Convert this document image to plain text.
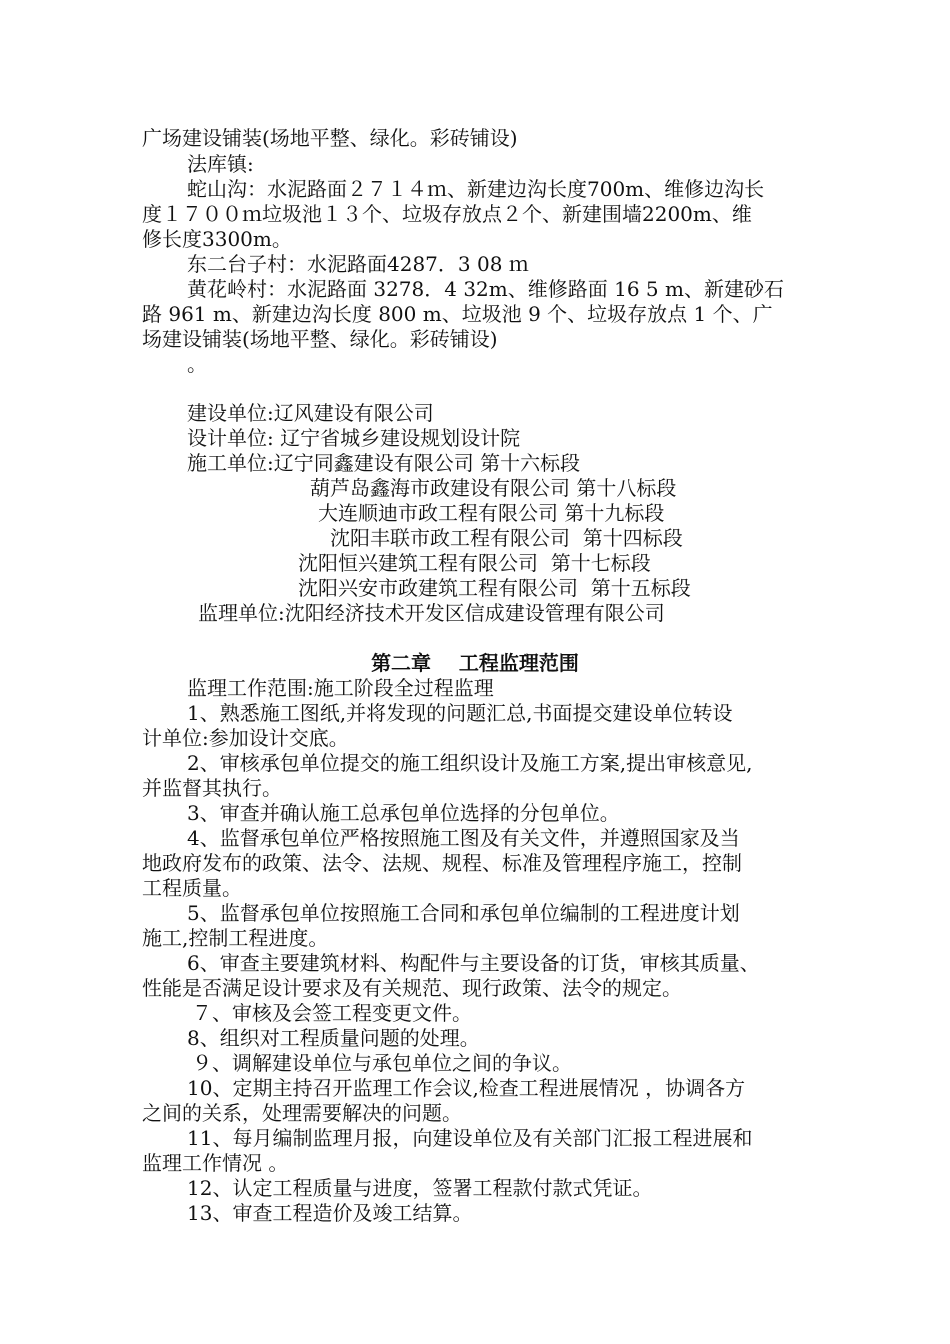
广场建设铺装(场地平整、绿化。彩砖铺设)
法库镇:
蛇山沟：水泥路面２７１４ｍ、新建边沟长度700m、维修边沟长
度１７００ｍ垃圾池１３个、垃圾存放点２个、新建围墙2200m、维
修长度3300m。
东二台子村：水泥路面4287．3 08 ｍ
黄花岭村：水泥路面 3278．4 32m、维修路面 16 5 m、新建砂石
路 961 m、新建边沟长度 800 m、垃圾池 9 个、垃圾存放点 1 个、广
场建设铺装(场地平整、绿化。彩砖铺设)
。
建设单位:辽风建设有限公司
设计单位: 辽宁省城乡建设规划设计院
施工单位:辽宁同鑫建设有限公司 第十六标段
葫芦岛鑫海市政建设有限公司 第十八标段
大连顺迪市政工程有限公司 第十九标段
沈阳丰联市政工程有限公司  第十四标段
沈阳恒兴建筑工程有限公司  第十七标段
沈阳兴安市政建筑工程有限公司  第十五标段
监理单位:沈阳经济技术开发区信成建设管理有限公司
第二章    工程监理范围
监理工作范围:施工阶段全过程监理
1、熟悉施工图纸,并将发现的问题汇总,书面提交建设单位转设
计单位:参加设计交底。
2、审核承包单位提交的施工组织设计及施工方案,提出审核意见,
并监督其执行。
3、审查并确认施工总承包单位选择的分包单位。
4、监督承包单位严格按照施工图及有关文件，并遵照国家及当
地政府发布的政策、法令、法规、规程、标准及管理程序施工，控制
工程质量。
5、监督承包单位按照施工合同和承包单位编制的工程进度计划
施工,控制工程进度。
6、审查主要建筑材料、构配件与主要设备的订货，审核其质量、
性能是否满足设计要求及有关规范、现行政策、法令的规定。
７、审核及会签工程变更文件。
8、组织对工程质量问题的处理。
９、调解建设单位与承包单位之间的争议。
10、定期主持召开监理工作会议,检查工程进展情况 ，协调各方
之间的关系，处理需要解决的问题。
11、每月编制监理月报，向建设单位及有关部门汇报工程进展和
监理工作情况 。
12、认定工程质量与进度，签署工程款付款式凭证。
13、审查工程造价及竣工结算。
